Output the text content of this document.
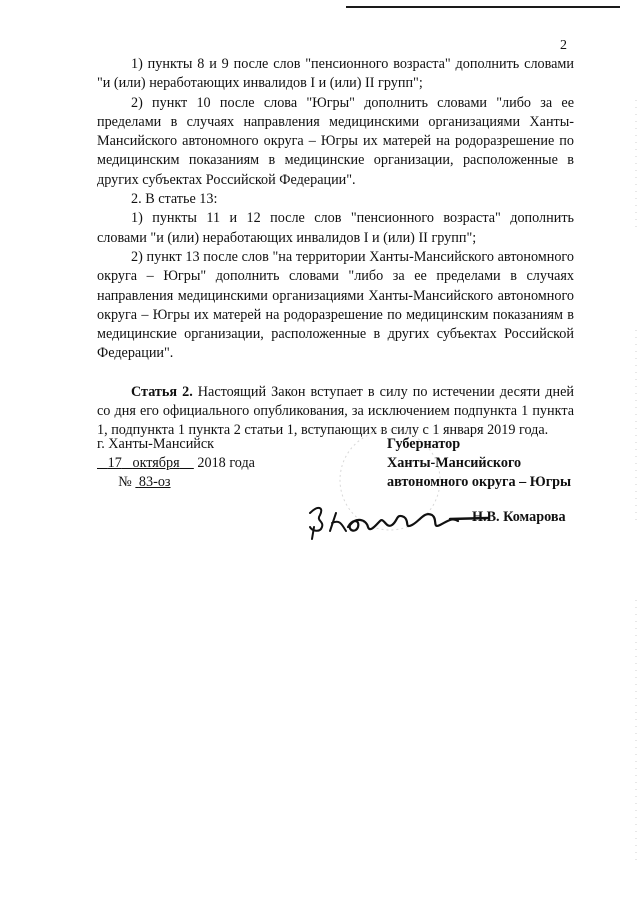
2

1) пункты 8 и 9 после слов "пенсионного возраста" дополнить словами "и (или) неработающих инвалидов I и (или) II групп";

2) пункт 10 после слова "Югры" дополнить словами "либо за ее пределами в случаях направления медицинскими организациями Ханты-Мансийского автономного округа – Югры их матерей на родоразрешение по медицинским показаниям в медицинские организации, расположенные в других субъектах Российской Федерации".

2. В статье 13:

1) пункты 11 и 12 после слов "пенсионного возраста" дополнить словами "и (или) неработающих инвалидов I и (или) II групп";

2) пункт 13 после слов "на территории Ханты-Мансийского автономного округа – Югры" дополнить словами "либо за ее пределами в случаях направления медицинскими организациями Ханты-Мансийского автономного округа – Югры их матерей на родоразрешение по медицинским показаниям в медицинские организации, расположенные в других субъектах Российской Федерации".

Статья 2. Настоящий Закон вступает в силу по истечении десяти дней со дня его официального опубликования, за исключением подпункта 1 пункта 1, подпункта 1 пункта 2 статьи 1, вступающих в силу с 1 января 2019 года.

г. Ханты-Мансийск
17 октября 2018 года
№ 83-оз
Губернатор
Ханты-Мансийского
автономного округа – Югры
Н.В. Комарова
